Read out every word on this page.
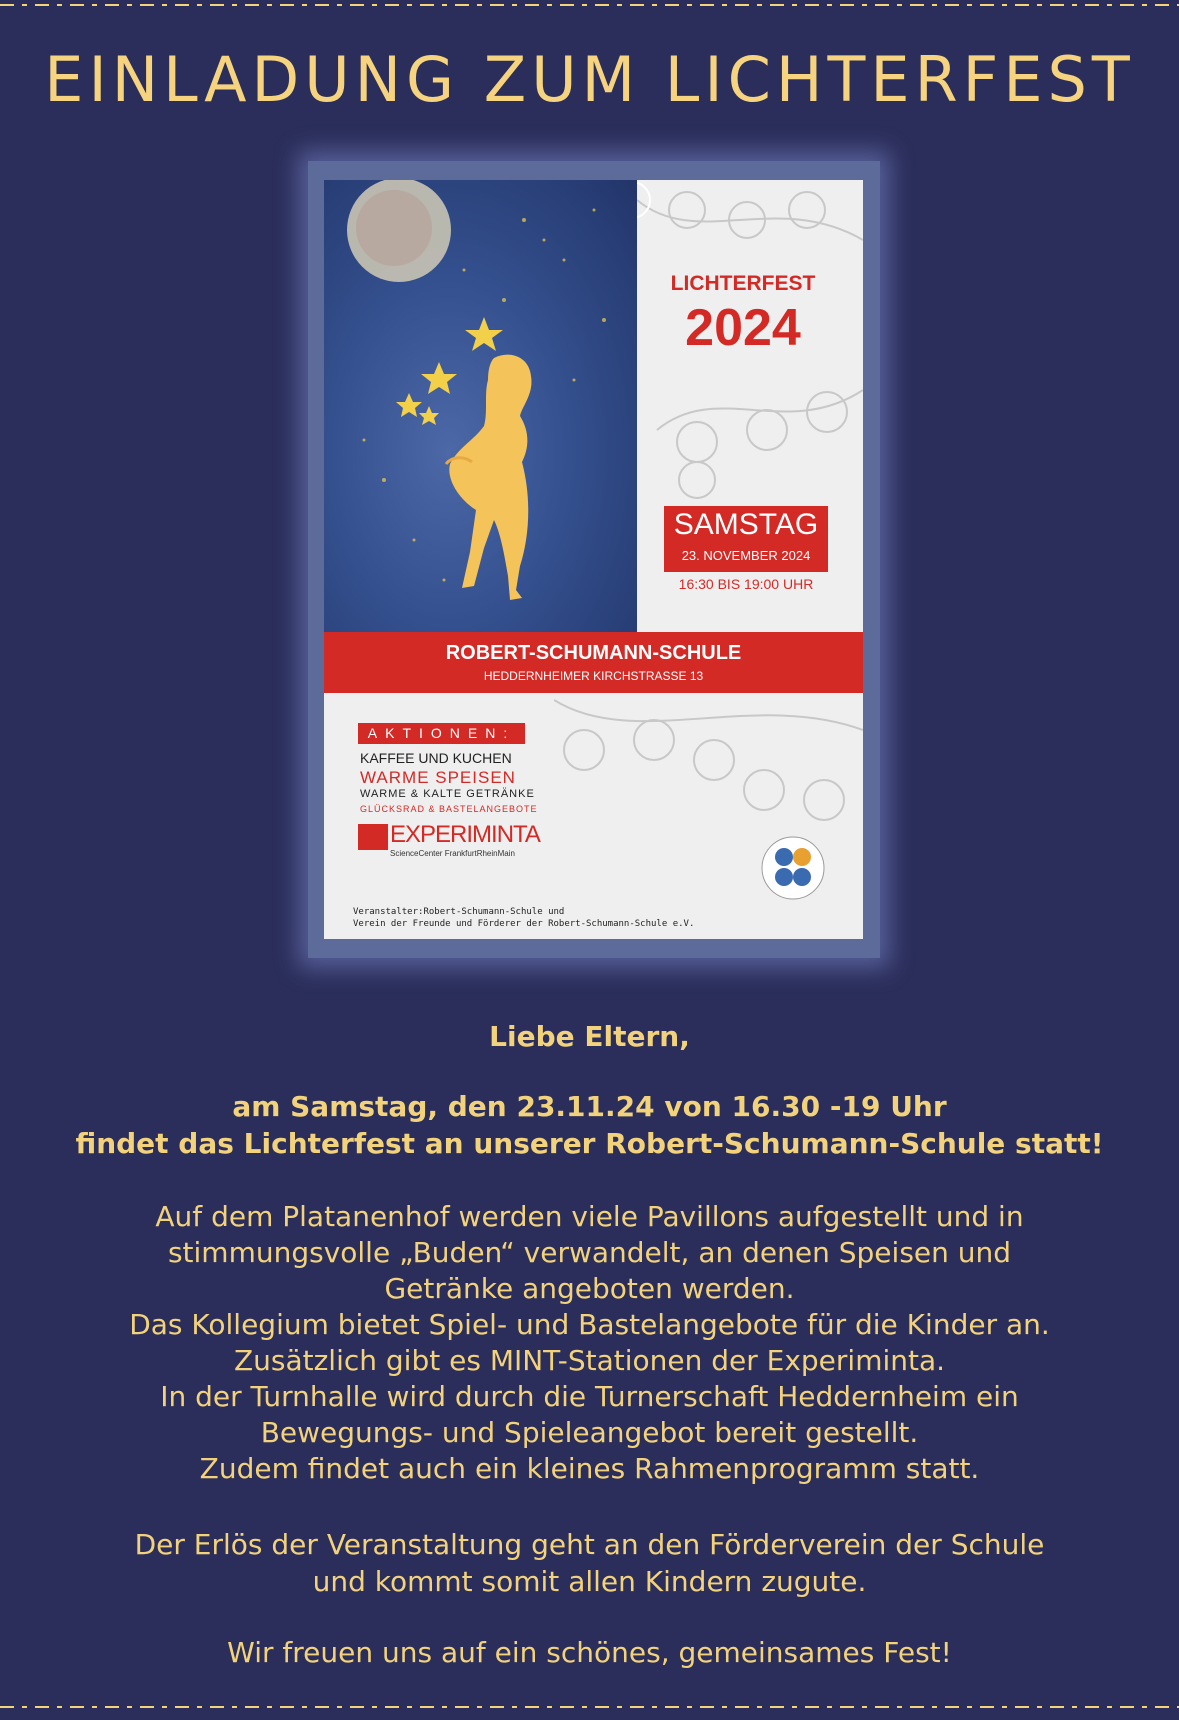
EINLADUNG ZUM LICHTERFEST
LICHTERFEST
2024
SAMSTAG
23. NOVEMBER 2024
16:30 BIS 19:00 UHR
ROBERT-SCHUMANN-SCHULE
HEDDERNHEIMER KIRCHSTRASSE 13
AKTIONEN:
KAFFEE UND KUCHEN
WARME SPEISEN
WARME & KALTE GETRÄNKE
GLÜCKSRAD & BASTELANGEBOTE
EXPERIMINTA
ScienceCenter FrankfurtRheinMain
Veranstalter:Robert-Schumann-Schule und
Verein der Freunde und Förderer der Robert-Schumann-Schule e.V.
Liebe Eltern,
am Samstag, den 23.11.24 von 16.30 -19 Uhr
findet das Lichterfest an unserer Robert-Schumann-Schule statt!
Auf dem Platanenhof werden viele Pavillons aufgestellt und in
stimmungsvolle „Buden“ verwandelt, an denen Speisen und
Getränke angeboten werden.
Das Kollegium bietet Spiel- und Bastelangebote für die Kinder an.
Zusätzlich gibt es MINT-Stationen der Experiminta.
In der Turnhalle wird durch die Turnerschaft Heddernheim ein
Bewegungs- und Spieleangebot bereit gestellt.
Zudem findet auch ein kleines Rahmenprogramm statt.
Der Erlös der Veranstaltung geht an den Förderverein der Schule
und kommt somit allen Kindern zugute.
Wir freuen uns auf ein schönes, gemeinsames Fest!
